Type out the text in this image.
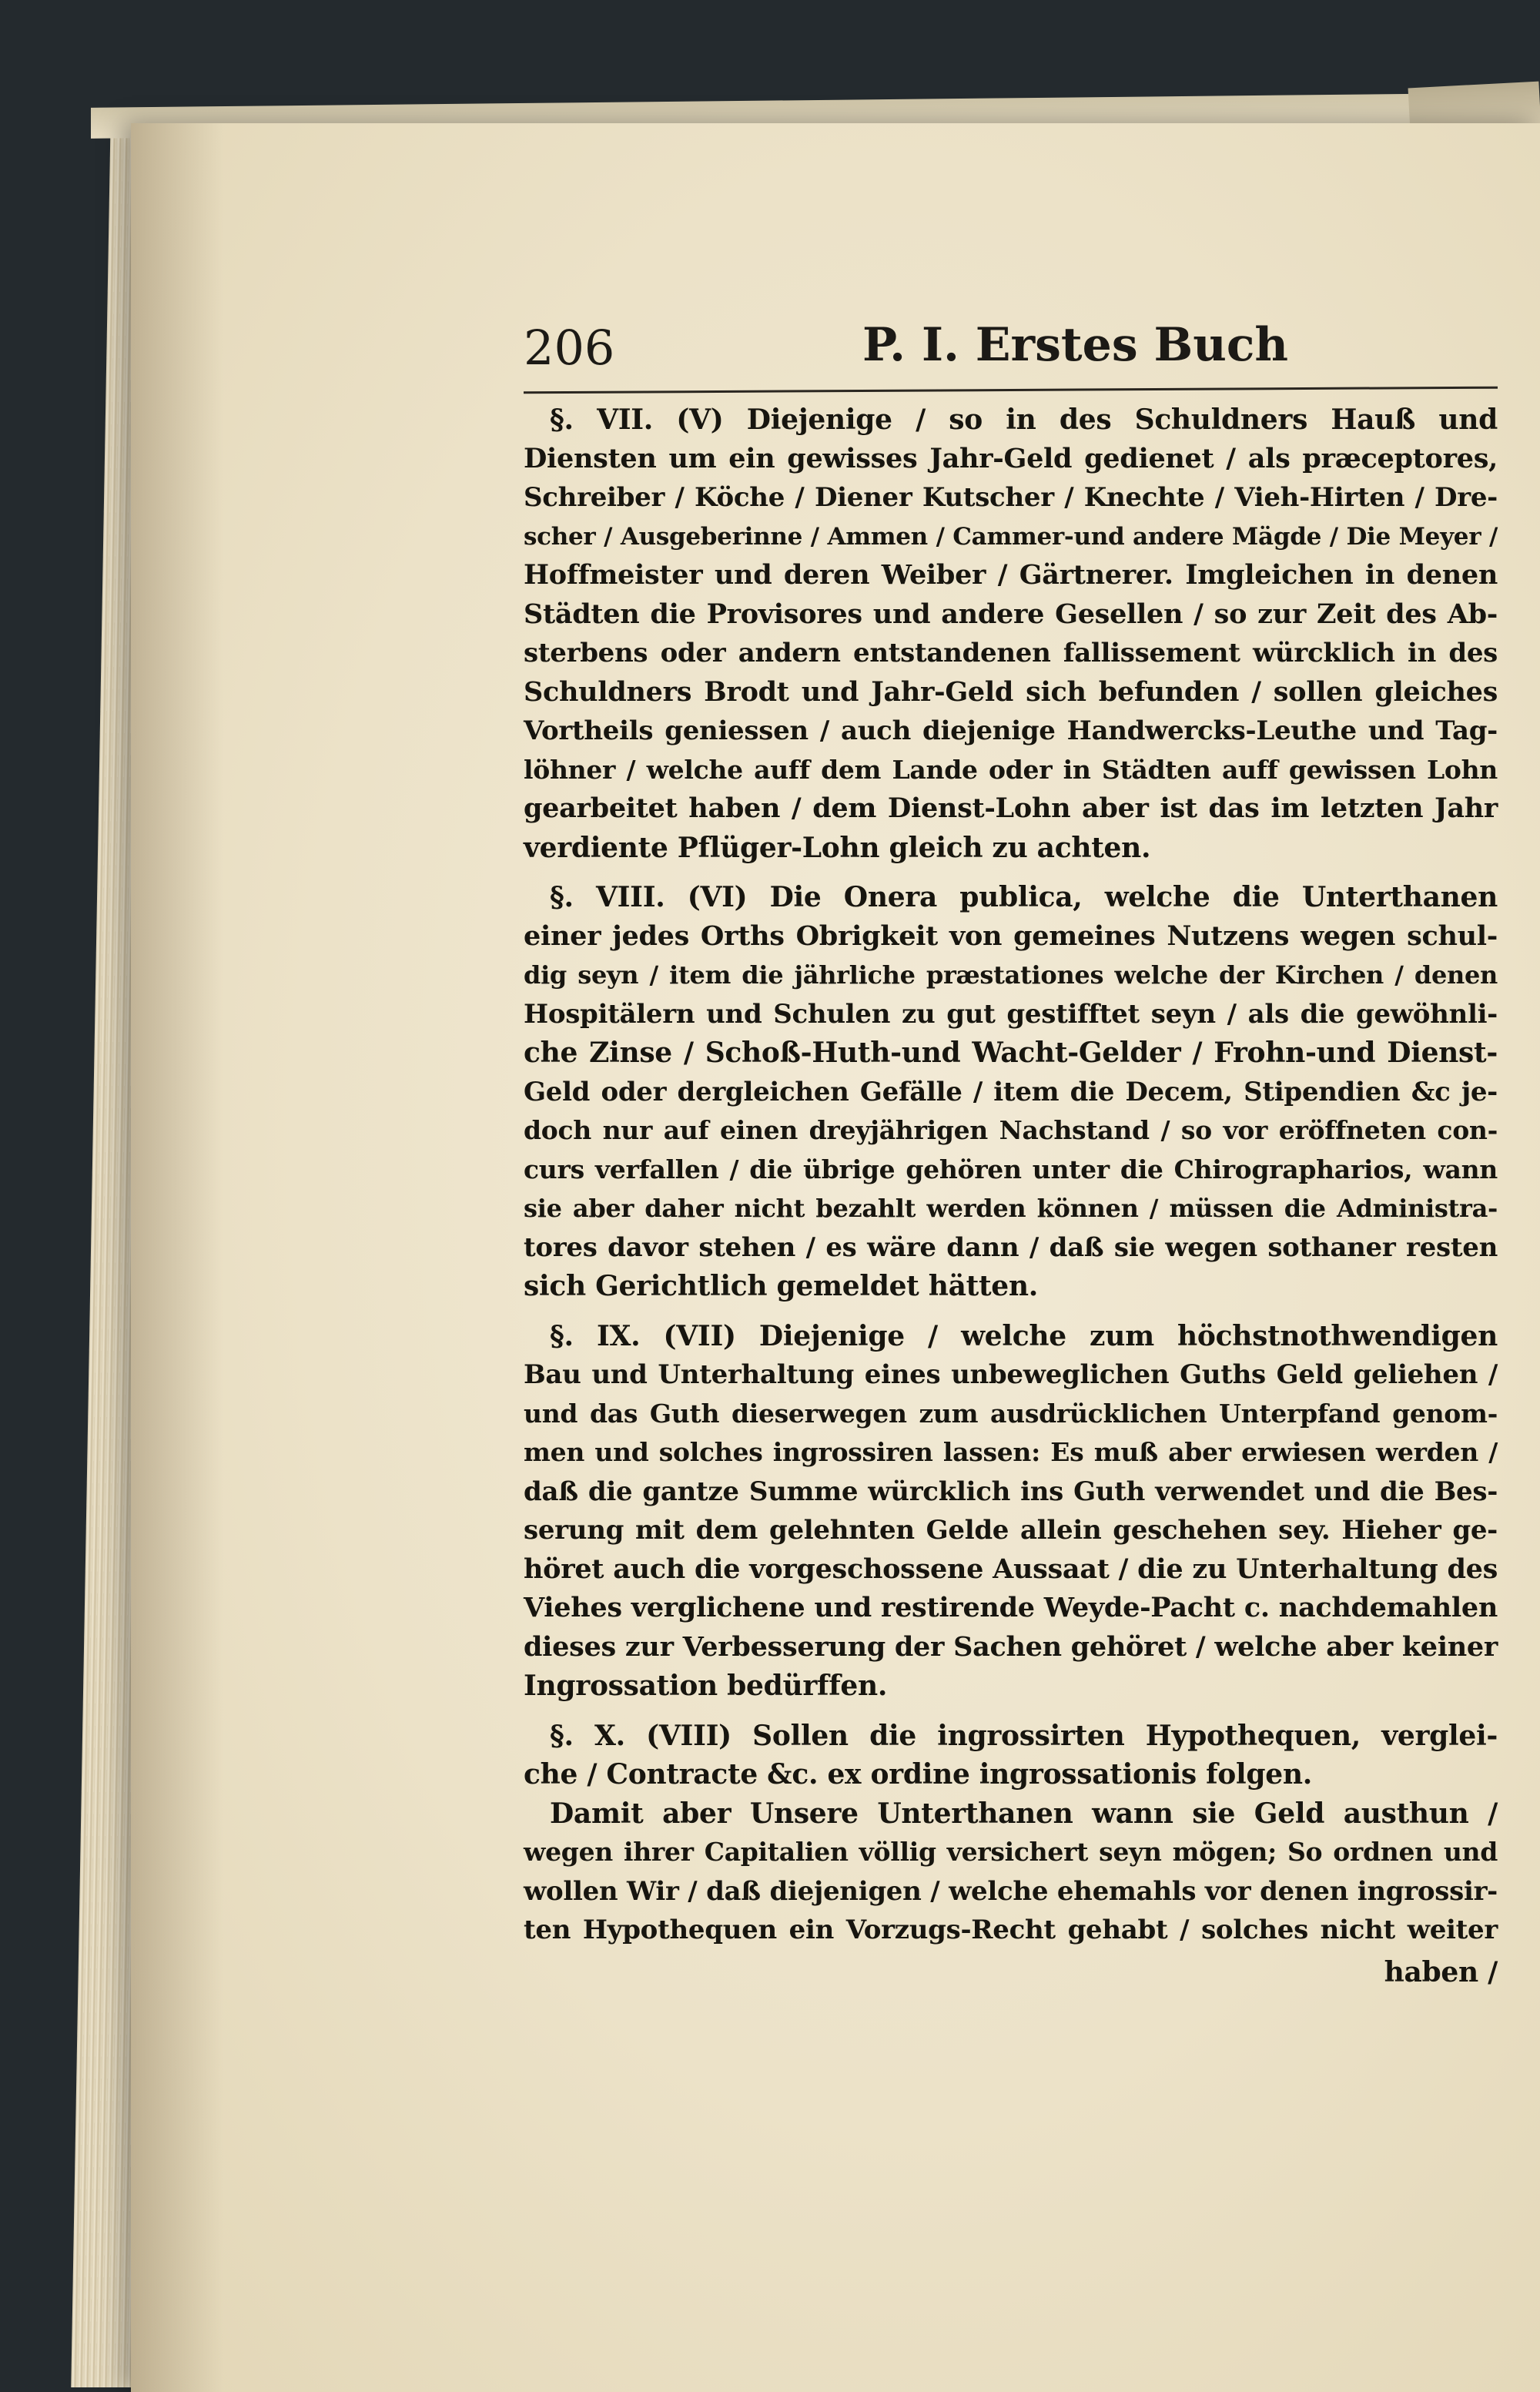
206	P. I. Erstes Buch
§. VII. (V) Diejenige / so in des Schuldners Hauß und
Diensten um ein gewisses Jahr-Geld gedienet / als præceptores,
Schreiber / Köche / Diener Kutscher / Knechte / Vieh-Hirten / Dre-
scher / Ausgeberinne / Ammen / Cammer-und andere Mägde / Die Meyer /
Hoffmeister und deren Weiber / Gärtnerer. Imgleichen in denen
Städten die Provisores und andere Gesellen / so zur Zeit des Ab-
sterbens oder andern entstandenen fallissement würcklich in des
Schuldners Brodt und Jahr-Geld sich befunden / sollen gleiches
Vortheils geniessen / auch diejenige Handwercks-Leuthe und Tag-
löhner / welche auff dem Lande oder in Städten auff gewissen Lohn
gearbeitet haben / dem Dienst-Lohn aber ist das im letzten Jahr
verdiente Pflüger-Lohn gleich zu achten.
§. VIII. (VI) Die Onera publica, welche die Unterthanen
einer jedes Orths Obrigkeit von gemeines Nutzens wegen schul-
dig seyn / item die jährliche præstationes welche der Kirchen / denen
Hospitälern und Schulen zu gut gestifftet seyn / als die gewöhnli-
che Zinse / Schoß-Huth-und Wacht-Gelder / Frohn-und Dienst-
Geld oder dergleichen Gefälle / item die Decem, Stipendien &c je-
doch nur auf einen dreyjährigen Nachstand / so vor eröffneten con-
curs verfallen / die übrige gehören unter die Chirographarios, wann
sie aber daher nicht bezahlt werden können / müssen die Administra-
tores davor stehen / es wäre dann / daß sie wegen sothaner resten
sich Gerichtlich gemeldet hätten.
§. IX. (VII) Diejenige / welche zum höchstnothwendigen
Bau und Unterhaltung eines unbeweglichen Guths Geld geliehen /
und das Guth dieserwegen zum ausdrücklichen Unterpfand genom-
men und solches ingrossiren lassen: Es muß aber erwiesen werden /
daß die gantze Summe würcklich ins Guth verwendet und die Bes-
serung mit dem gelehnten Gelde allein geschehen sey. Hieher ge-
höret auch die vorgeschossene Aussaat / die zu Unterhaltung des
Viehes verglichene und restirende Weyde-Pacht c. nachdemahlen
dieses zur Verbesserung der Sachen gehöret / welche aber keiner
Ingrossation bedürffen.
§. X. (VIII) Sollen die ingrossirten Hypothequen, verglei-
che / Contracte &c. ex ordine ingrossationis folgen.
Damit aber Unsere Unterthanen wann sie Geld austhun /
wegen ihrer Capitalien völlig versichert seyn mögen; So ordnen und
wollen Wir / daß diejenigen / welche ehemahls vor denen ingrossir-
ten Hypothequen ein Vorzugs-Recht gehabt / solches nicht weiter
haben /
